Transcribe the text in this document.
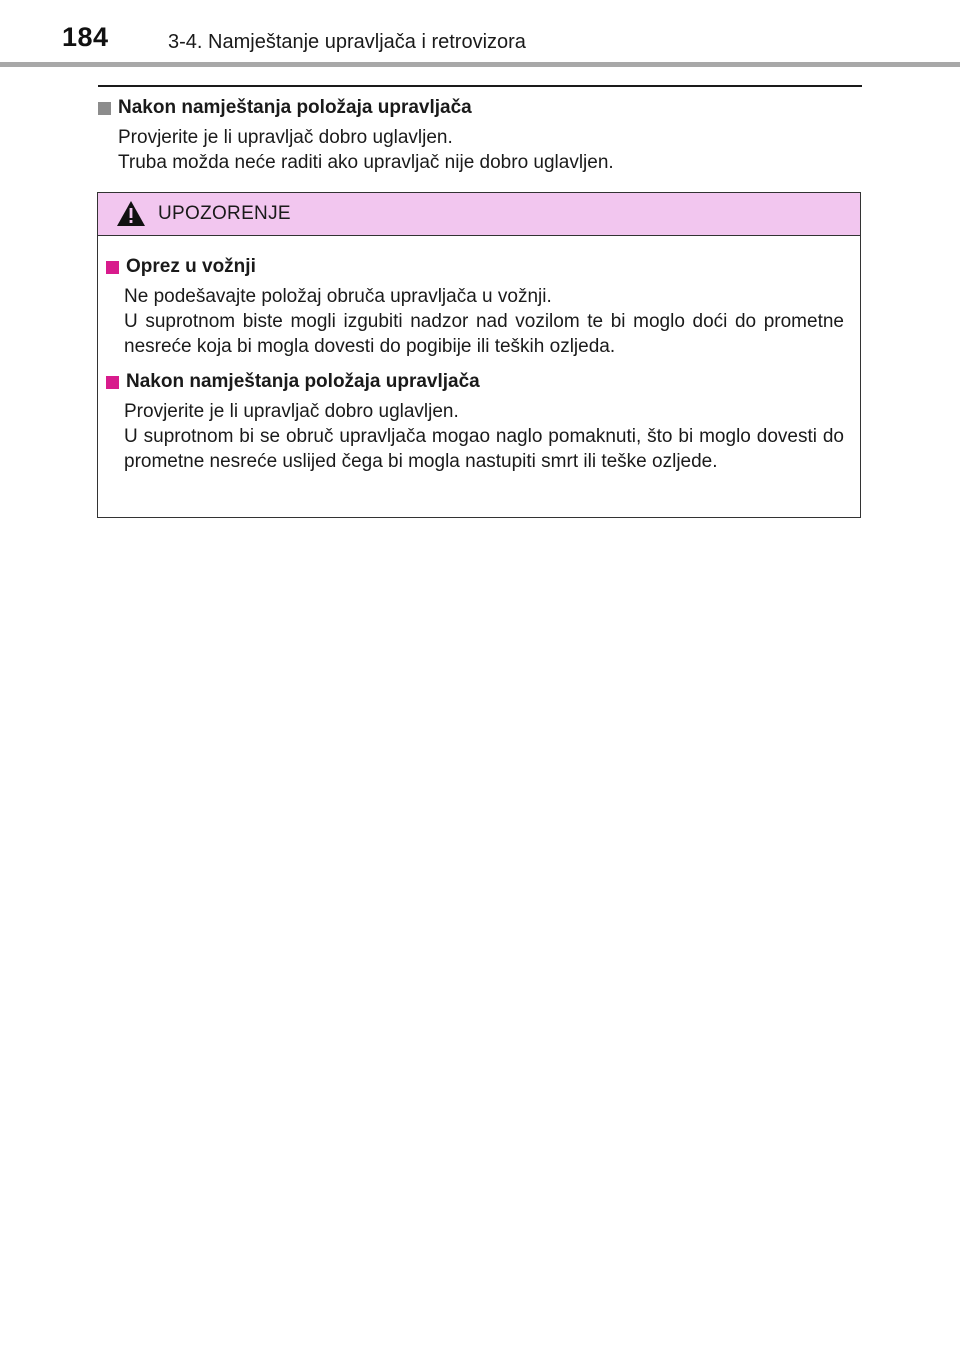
184	3-4. Namještanje upravljača i retrovizora
Nakon namještanja položaja upravljača

Provjerite je li upravljač dobro uglavljen.

Truba možda neće raditi ako upravljač nije dobro uglavljen.

UPOZORENJE
Oprez u vožnji

Ne podešavajte položaj obruča upravljača u vožnji.

U suprotnom biste mogli izgubiti nadzor nad vozilom te bi moglo doći do prometne nesreće koja bi mogla dovesti do pogibije ili teških ozljeda.

Nakon namještanja položaja upravljača

Provjerite je li upravljač dobro uglavljen.

U suprotnom bi se obruč upravljača mogao naglo pomaknuti, što bi moglo dovesti do prometne nesreće uslijed čega bi mogla nastupiti smrt ili teške ozljede.
